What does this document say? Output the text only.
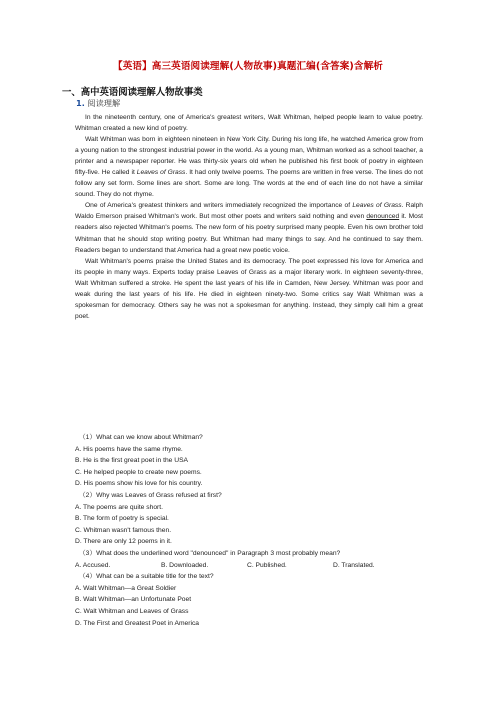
【英语】高三英语阅读理解(人物故事)真题汇编(含答案)含解析
一、高中英语阅读理解人物故事类
1. 阅读理解

In the nineteenth century, one of America's greatest writers, Walt Whitman, helped people learn to value poetry. Whitman created a new kind of poetry.

Walt Whitman was born in eighteen nineteen in New York City. During his long life, he watched America grow from a young nation to the strongest industrial power in the world. As a young man, Whitman worked as a school teacher, a printer and a newspaper reporter. He was thirty-six years old when he published his first book of poetry in eighteen fifty-five. He called it Leaves of Grass. It had only twelve poems. The poems are written in free verse. The lines do not follow any set form. Some lines are short. Some are long. The words at the end of each line do not have a similar sound. They do not rhyme.

One of America's greatest thinkers and writers immediately recognized the importance of Leaves of Grass. Ralph Waldo Emerson praised Whitman's work. But most other poets and writers said nothing and even denounced it. Most readers also rejected Whitman's poems. The new form of his poetry surprised many people. Even his own brother told Whitman that he should stop writing poetry. But Whitman had many things to say. And he continued to say them. Readers began to understand that America had a great new poetic voice.

Walt Whitman's poems praise the United States and its democracy. The poet expressed his love for America and its people in many ways. Experts today praise Leaves of Grass as a major literary work. In eighteen seventy-three, Walt Whitman suffered a stroke. He spent the last years of his life in Camden, New Jersey. Whitman was poor and weak during the last years of his life. He died in eighteen ninety-two. Some critics say Walt Whitman was a spokesman for democracy. Others say he was not a spokesman for anything. Instead, they simply call him a great poet.

（1）What can we know about Whitman?
A. His poems have the same rhyme.
B. He is the first great poet in the USA
C. He helped people to create new poems.
D. His poems show his love for his country.
（2）Why was Leaves of Grass refused at first?
A. The poems are quite short.
B. The form of poetry is special.
C. Whitman wasn't famous then.
D. There are only 12 poems in it.
（3）What does the underlined word "denounced" in Paragraph 3 most probably mean?
A. Accused.	B. Downloaded.	C. Published.	D. Translated.
（4）What can be a suitable title for the text?
A. Walt Whitman—a Great Soldier
B. Walt Whitman—an Unfortunate Poet
C. Walt Whitman and Leaves of Grass
D. The First and Greatest Poet in America
